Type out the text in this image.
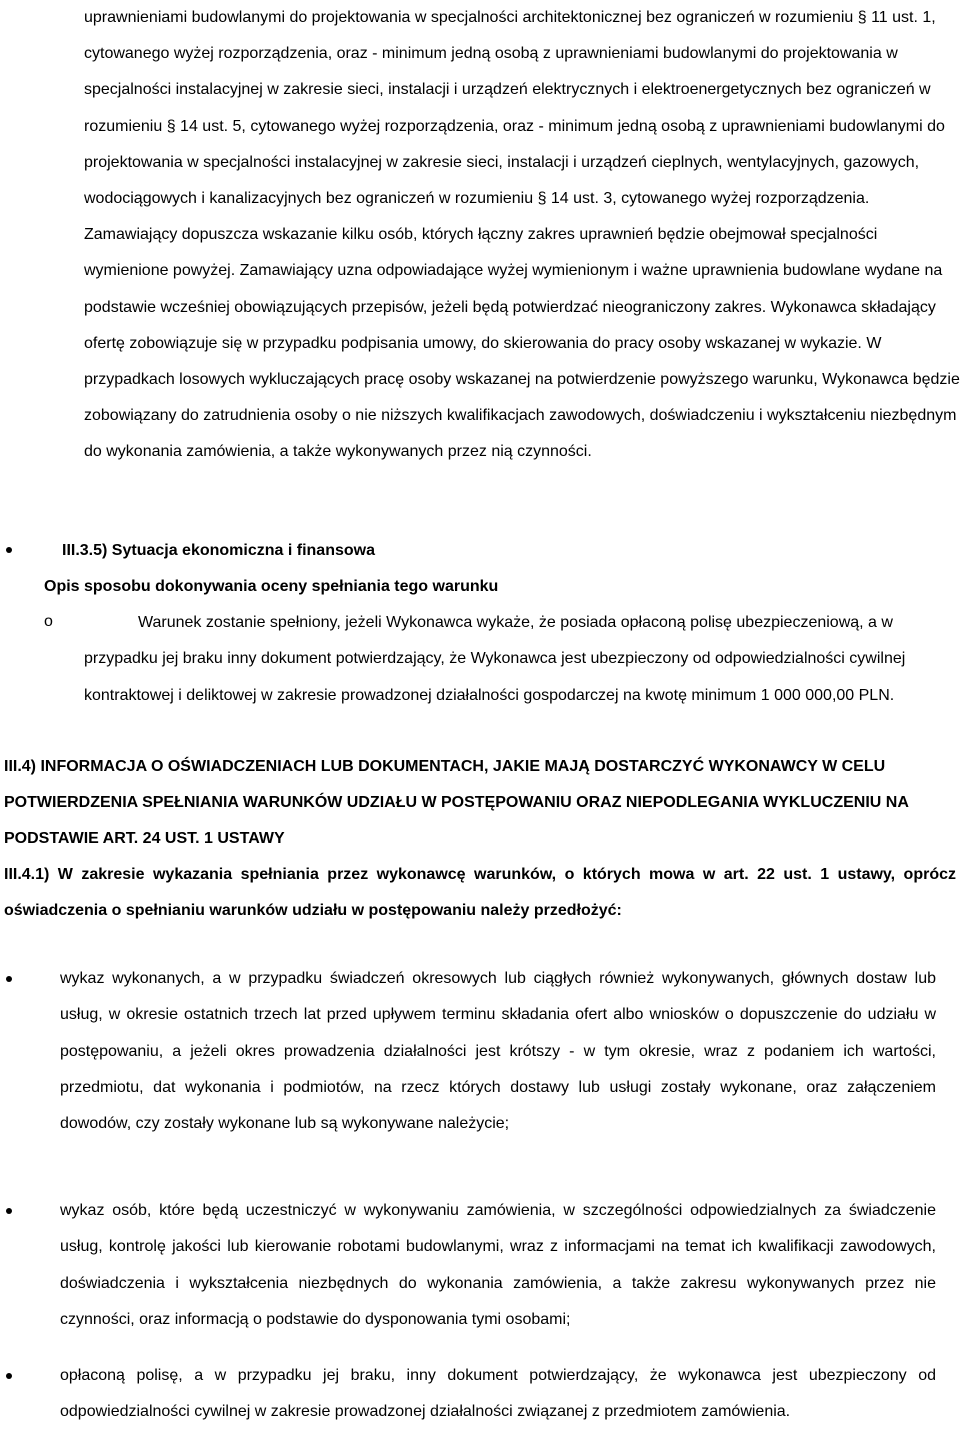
uprawnieniami budowlanymi do projektowania w specjalności architektonicznej bez ograniczeń w rozumieniu § 11 ust. 1, cytowanego wyżej rozporządzenia, oraz - minimum jedną osobą z uprawnieniami budowlanymi do projektowania w specjalności instalacyjnej w zakresie sieci, instalacji i urządzeń elektrycznych i elektroenergetycznych bez ograniczeń w rozumieniu § 14 ust. 5, cytowanego wyżej rozporządzenia, oraz - minimum jedną osobą z uprawnieniami budowlanymi do projektowania w specjalności instalacyjnej w zakresie sieci, instalacji i urządzeń cieplnych, wentylacyjnych, gazowych, wodociągowych i kanalizacyjnych bez ograniczeń w rozumieniu § 14 ust. 3, cytowanego wyżej rozporządzenia. Zamawiający dopuszcza wskazanie kilku osób, których łączny zakres uprawnień będzie obejmował specjalności wymienione powyżej. Zamawiający uzna odpowiadające wyżej wymienionym i ważne uprawnienia budowlane wydane na podstawie wcześniej obowiązujących przepisów, jeżeli będą potwierdzać nieograniczony zakres. Wykonawca składający ofertę zobowiązuje się w przypadku podpisania umowy, do skierowania do pracy osoby wskazanej w wykazie. W przypadkach losowych wykluczających pracę osoby wskazanej na potwierdzenie powyższego warunku, Wykonawca będzie zobowiązany do zatrudnienia osoby o nie niższych kwalifikacjach zawodowych, doświadczeniu i wykształceniu niezbędnym do wykonania zamówienia, a także wykonywanych przez nią czynności.

III.3.5) Sytuacja ekonomiczna i finansowa
Opis sposobu dokonywania oceny spełniania tego warunku
o	Warunek zostanie spełniony, jeżeli Wykonawca wykaże, że posiada opłaconą polisę ubezpieczeniową, a w przypadku jej braku inny dokument potwierdzający, że Wykonawca jest ubezpieczony od odpowiedzialności cywilnej kontraktowej i deliktowej w zakresie prowadzonej działalności gospodarczej na kwotę minimum 1 000 000,00 PLN.

III.4) INFORMACJA O OŚWIADCZENIACH LUB DOKUMENTACH, JAKIE MAJĄ DOSTARCZYĆ WYKONAWCY W CELU POTWIERDZENIA SPEŁNIANIA WARUNKÓW UDZIAŁU W POSTĘPOWANIU ORAZ NIEPODLEGANIA WYKLUCZENIU NA PODSTAWIE ART. 24 UST. 1 USTAWY

III.4.1) W zakresie wykazania spełniania przez wykonawcę warunków, o których mowa w art. 22 ust. 1 ustawy, oprócz oświadczenia o spełnianiu warunków udziału w postępowaniu należy przedłożyć:

wykaz wykonanych, a w przypadku świadczeń okresowych lub ciągłych również wykonywanych, głównych dostaw lub usług, w okresie ostatnich trzech lat przed upływem terminu składania ofert albo wniosków o dopuszczenie do udziału w postępowaniu, a jeżeli okres prowadzenia działalności jest krótszy - w tym okresie, wraz z podaniem ich wartości, przedmiotu, dat wykonania i podmiotów, na rzecz których dostawy lub usługi zostały wykonane, oraz załączeniem dowodów, czy zostały wykonane lub są wykonywane należycie;

wykaz osób, które będą uczestniczyć w wykonywaniu zamówienia, w szczególności odpowiedzialnych za świadczenie usług, kontrolę jakości lub kierowanie robotami budowlanymi, wraz z informacjami na temat ich kwalifikacji zawodowych, doświadczenia i wykształcenia niezbędnych do wykonania zamówienia, a także zakresu wykonywanych przez nie czynności, oraz informacją o podstawie do dysponowania tymi osobami;

opłaconą polisę, a w przypadku jej braku, inny dokument potwierdzający, że wykonawca jest ubezpieczony od odpowiedzialności cywilnej w zakresie prowadzonej działalności związanej z przedmiotem zamówienia.
